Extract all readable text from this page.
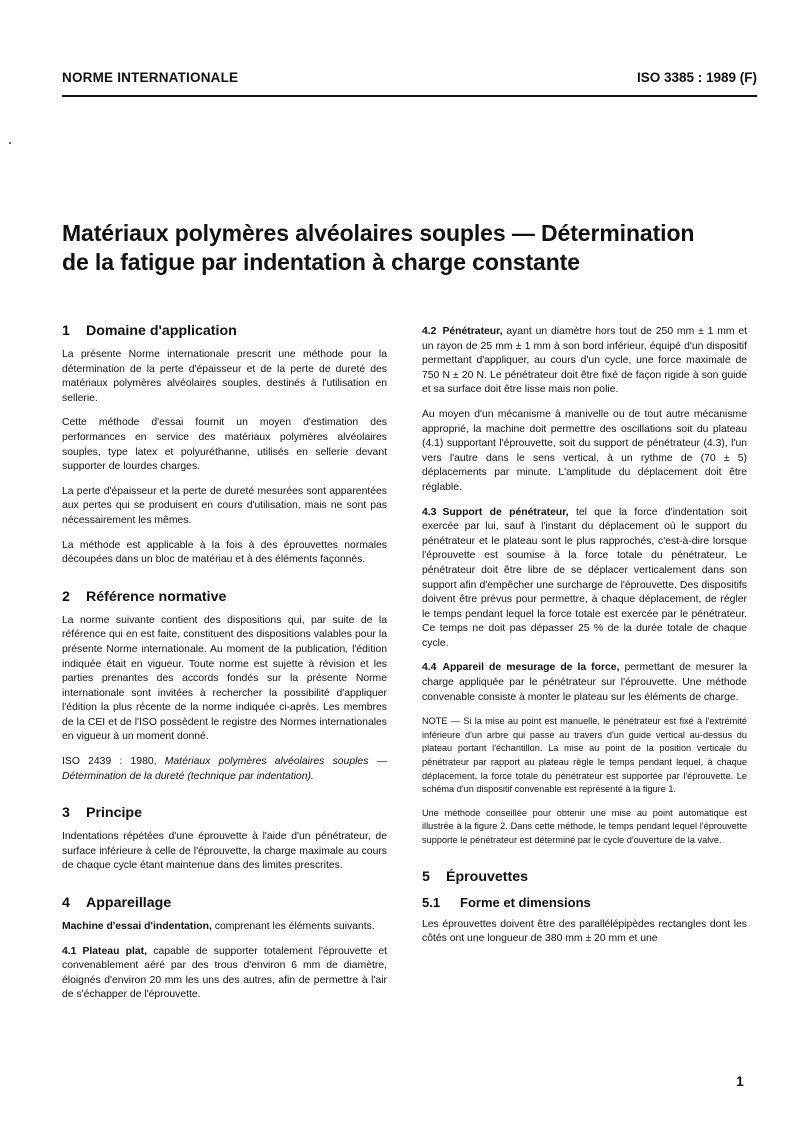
NORME INTERNATIONALE	ISO 3385 : 1989 (F)
Matériaux polymères alvéolaires souples — Détermination
de la fatigue par indentation à charge constante
1 Domaine d'application

La présente Norme internationale prescrit une méthode pour la détermination de la perte d'épaisseur et de la perte de dureté des matériaux polymères alvéolaires souples, destinés à l'utilisation en sellerie.

Cette méthode d'essai fournit un moyen d'estimation des performances en service des matériaux polymères alvéolaires souples, type latex et polyuréthanne, utilisés en sellerie devant supporter de lourdes charges.

La perte d'épaisseur et la perte de dureté mesurées sont apparentées aux pertes qui se produisent en cours d'utilisation, mais ne sont pas nécessairement les mêmes.

La méthode est applicable à la fois à des éprouvettes normales découpées dans un bloc de matériau et à des éléments façonnés.

2 Référence normative

La norme suivante contient des dispositions qui, par suite de la référence qui en est faite, constituent des dispositions valables pour la présente Norme internationale. Au moment de la publication, l'édition indiquée était en vigueur. Toute norme est sujette à révision et les parties prenantes des accords fondés sur la présente Norme internationale sont invitées à rechercher la possibilité d'appliquer l'édition la plus récente de la norme indiquée ci-après. Les membres de la CEI et de l'ISO possèdent le registre des Normes internationales en vigueur à un moment donné.

ISO 2439 : 1980, Matériaux polymères alvéolaires souples — Détermination de la dureté (technique par indentation).

3 Principe

Indentations répétées d'une éprouvette à l'aide d'un pénétrateur, de surface inférieure à celle de l'éprouvette, la charge maximale au cours de chaque cycle étant maintenue dans des limites prescrites.

4 Appareillage

Machine d'essai d'indentation, comprenant les éléments suivants.

4.1 Plateau plat, capable de supporter totalement l'éprouvette et convenablement aéré par des trous d'environ 6 mm de diamètre, éloignés d'environ 20 mm les uns des autres, afin de permettre à l'air de s'échapper de l'éprouvette.

4.2 Pénétrateur, ayant un diamètre hors tout de 250 mm ± 1 mm et un rayon de 25 mm ± 1 mm à son bord inférieur, équipé d'un dispositif permettant d'appliquer, au cours d'un cycle, une force maximale de 750 N ± 20 N. Le pénétrateur doit être fixé de façon rigide à son guide et sa surface doit être lisse mais non polie.

Au moyen d'un mécanisme à manivelle ou de tout autre mécanisme approprié, la machine doit permettre des oscillations soit du plateau (4.1) supportant l'éprouvette, soit du support de pénétrateur (4.3), l'un vers l'autre dans le sens vertical, à un rythme de (70 ± 5) déplacements par minute. L'amplitude du déplacement doit être réglable.

4.3 Support de pénétrateur, tel que la force d'indentation soit exercée par lui, sauf à l'instant du déplacement où le support du pénétrateur et le plateau sont le plus rapprochés, c'est-à-dire lorsque l'éprouvette est soumise à la force totale du pénétrateur. Le pénétrateur doit être libre de se déplacer verticalement dans son support afin d'empêcher une surcharge de l'éprouvette. Des dispositifs doivent être prévus pour permettre, à chaque déplacement, de régler le temps pendant lequel la force totale est exercée par le pénétrateur. Ce temps ne doit pas dépasser 25 % de la durée totale de chaque cycle.

4.4 Appareil de mesurage de la force, permettant de mesurer la charge appliquée par le pénétrateur sur l'éprouvette. Une méthode convenable consiste à monter le plateau sur les éléments de charge.

NOTE — Si la mise au point est manuelle, le pénétrateur est fixé à l'extrémité inférieure d'un arbre qui passe au travers d'un guide vertical au-dessus du plateau portant l'échantillon. La mise au point de la position verticale du pénétrateur par rapport au plateau règle le temps pendant lequel, à chaque déplacement, la force totale du pénétrateur est supportée par l'éprouvette. Le schéma d'un dispositif convenable est représenté à la figure 1.

Une méthode conseillée pour obtenir une mise au point automatique est illustrée à la figure 2. Dans cette méthode, le temps pendant lequel l'éprouvette supporte le pénétrateur est déterminé par le cycle d'ouverture de la valve.

5 Éprouvettes
5.1 Forme et dimensions

Les éprouvettes doivent être des parallélépipèdes rectangles dont les côtés ont une longueur de 380 mm ± 20 mm et une

1
